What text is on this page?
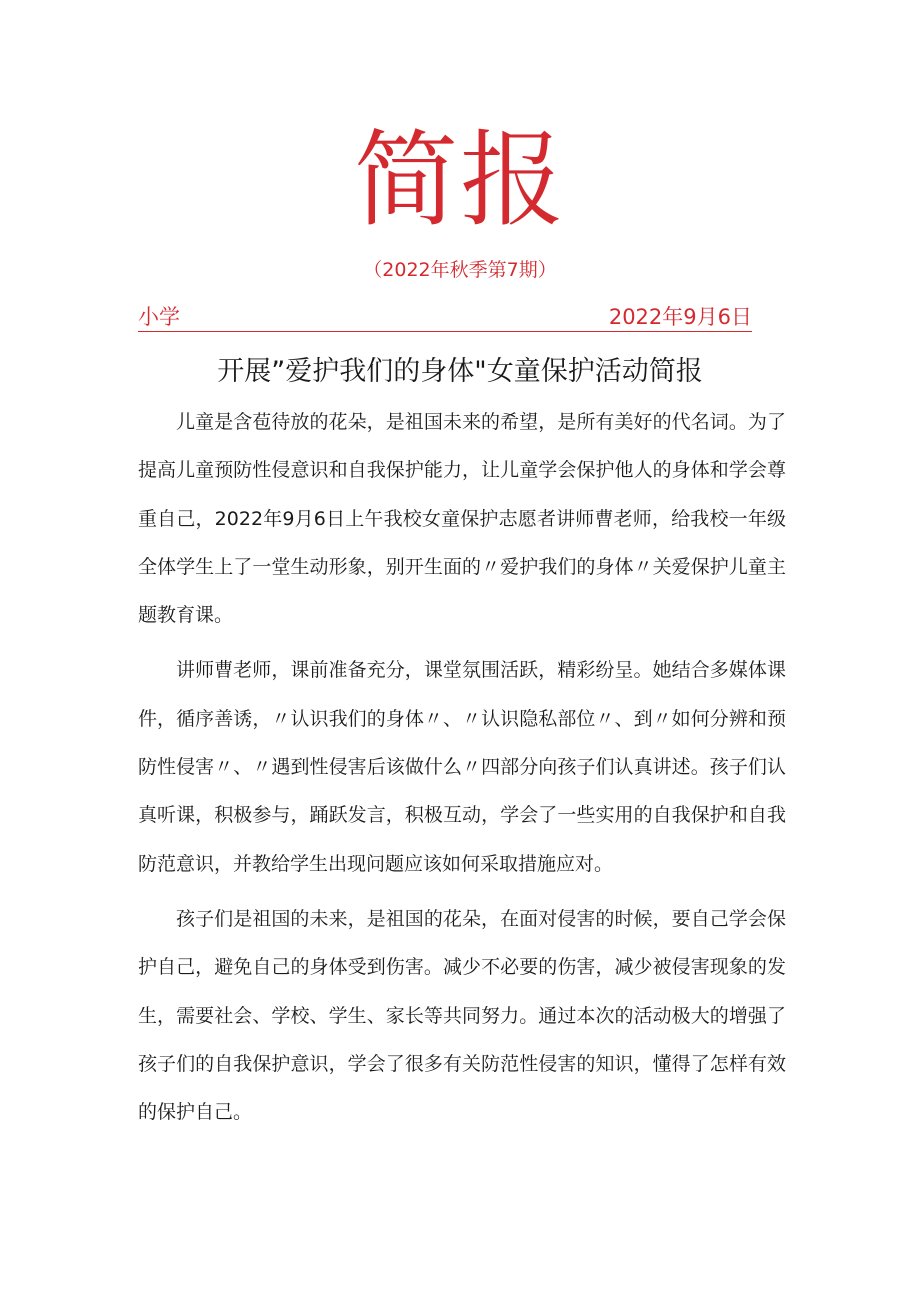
简报
（2022年秋季第7期）
小学	2022年9月6日
开展”爱护我们的身体"女童保护活动简报

儿童是含苞待放的花朵，是祖国未来的希望，是所有美好的代名词。为了提高儿童预防性侵意识和自我保护能力，让儿童学会保护他人的身体和学会尊重自己，2022年9月6日上午我校女童保护志愿者讲师曹老师，给我校一年级全体学生上了一堂生动形象，别开生面的〃爱护我们的身体〃关爱保护儿童主题教育课。

讲师曹老师，课前准备充分，课堂氛围活跃，精彩纷呈。她结合多媒体课件，循序善诱，〃认识我们的身体〃、〃认识隐私部位〃、到〃如何分辨和预防性侵害〃、〃遇到性侵害后该做什么〃四部分向孩子们认真讲述。孩子们认真听课，积极参与，踊跃发言，积极互动，学会了一些实用的自我保护和自我防范意识，并教给学生出现问题应该如何采取措施应对。

孩子们是祖国的未来，是祖国的花朵，在面对侵害的时候，要自己学会保护自己，避免自己的身体受到伤害。减少不必要的伤害，减少被侵害现象的发生，需要社会、学校、学生、家长等共同努力。通过本次的活动极大的增强了孩子们的自我保护意识，学会了很多有关防范性侵害的知识，懂得了怎样有效的保护自己。
